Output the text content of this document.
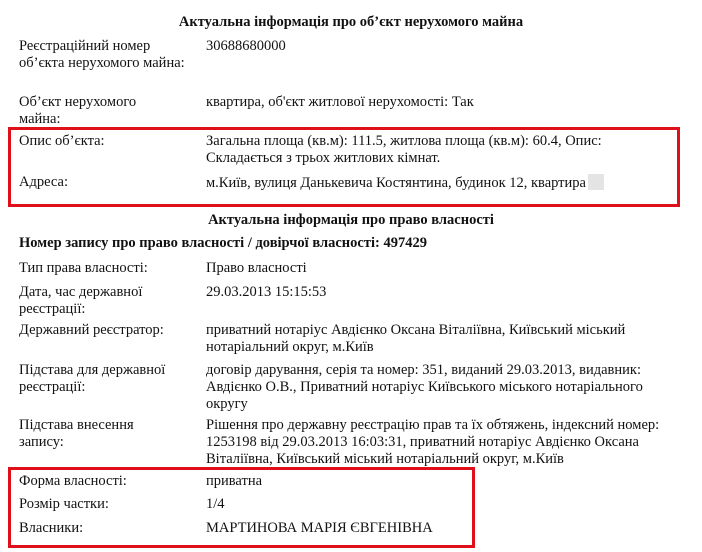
Актуальна інформація про об’єкт нерухомого майна
Реєстраційний номер об’єкта нерухомого майна:
30688680000
Об’єкт нерухомого майна:
квартира, об'єкт житлової нерухомості: Так
Опис об’єкта:	Загальна площа (кв.м): 111.5, житлова площа (кв.м): 60.4, Опис: Складається з трьох житлових кімнат.
Адреса:	м.Київ, вулиця Данькевича Костянтина, будинок 12, квартира
Актуальна інформація про право власності
Номер запису про право власності / довірчої власності: 497429
Тип права власності:	Право власності
Дата, час державної реєстрації:
29.03.2013 15:15:53
Державний реєстратор:	приватний нотаріус Авдієнко Оксана Віталіївна, Київський міський нотаріальний округ, м.Київ
Підстава для державної реєстрації:
договір дарування, серія та номер: 351, виданий 29.03.2013, видавник: Авдієнко О.В., Приватний нотаріус Київського міського нотаріального округу
Підстава внесення запису:
Рішення про державну реєстрацію прав та їх обтяжень, індексний номер: 1253198 від 29.03.2013 16:03:31, приватний нотаріус Авдієнко Оксана Віталіївна, Київський міський нотаріальний округ, м.Київ
Форма власності:	приватна
Розмір частки:	1/4
Власники:	МАРТИНОВА МАРІЯ ЄВГЕНІВНА
